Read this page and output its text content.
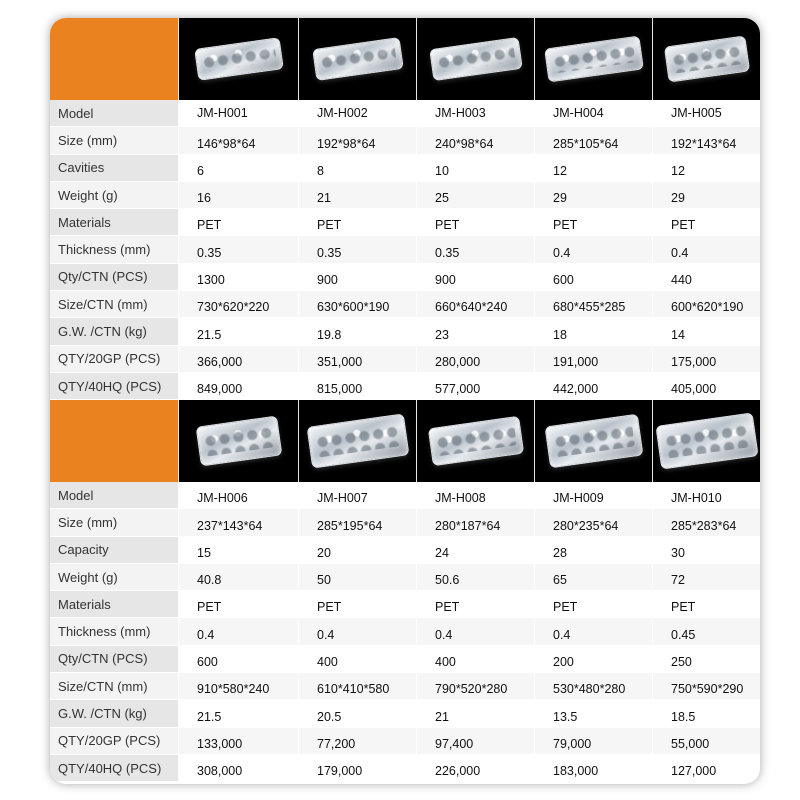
Model	JM-H001	JM-H002	JM-H003	JM-H004	JM-H005
Size (mm)	146*98*64	192*98*64	240*98*64	285*105*64	192*143*64
Cavities	6	8	10	12	12
Weight (g)	16	21	25	29	29
Materials	PET	PET	PET	PET	PET
Thickness (mm)	0.35	0.35	0.35	0.4	0.4
Qty/CTN (PCS)	1300	900	900	600	440
Size/CTN (mm)	730*620*220	630*600*190	660*640*240	680*455*285	600*620*190
G.W. /CTN (kg)	21.5	19.8	23	18	14
QTY/20GP (PCS)	366,000	351,000	280,000	191,000	175,000
QTY/40HQ (PCS)	849,000	815,000	577,000	442,000	405,000
Model	JM-H006	JM-H007	JM-H008	JM-H009	JM-H010
Size (mm)	237*143*64	285*195*64	280*187*64	280*235*64	285*283*64
Capacity	15	20	24	28	30
Weight (g)	40.8	50	50.6	65	72
Materials	PET	PET	PET	PET	PET
Thickness (mm)	0.4	0.4	0.4	0.4	0.45
Qty/CTN (PCS)	600	400	400	200	250
Size/CTN (mm)	910*580*240	610*410*580	790*520*280	530*480*280	750*590*290
G.W. /CTN (kg)	21.5	20.5	21	13.5	18.5
QTY/20GP (PCS)	133,000	77,200	97,400	79,000	55,000
QTY/40HQ (PCS)	308,000	179,000	226,000	183,000	127,000
